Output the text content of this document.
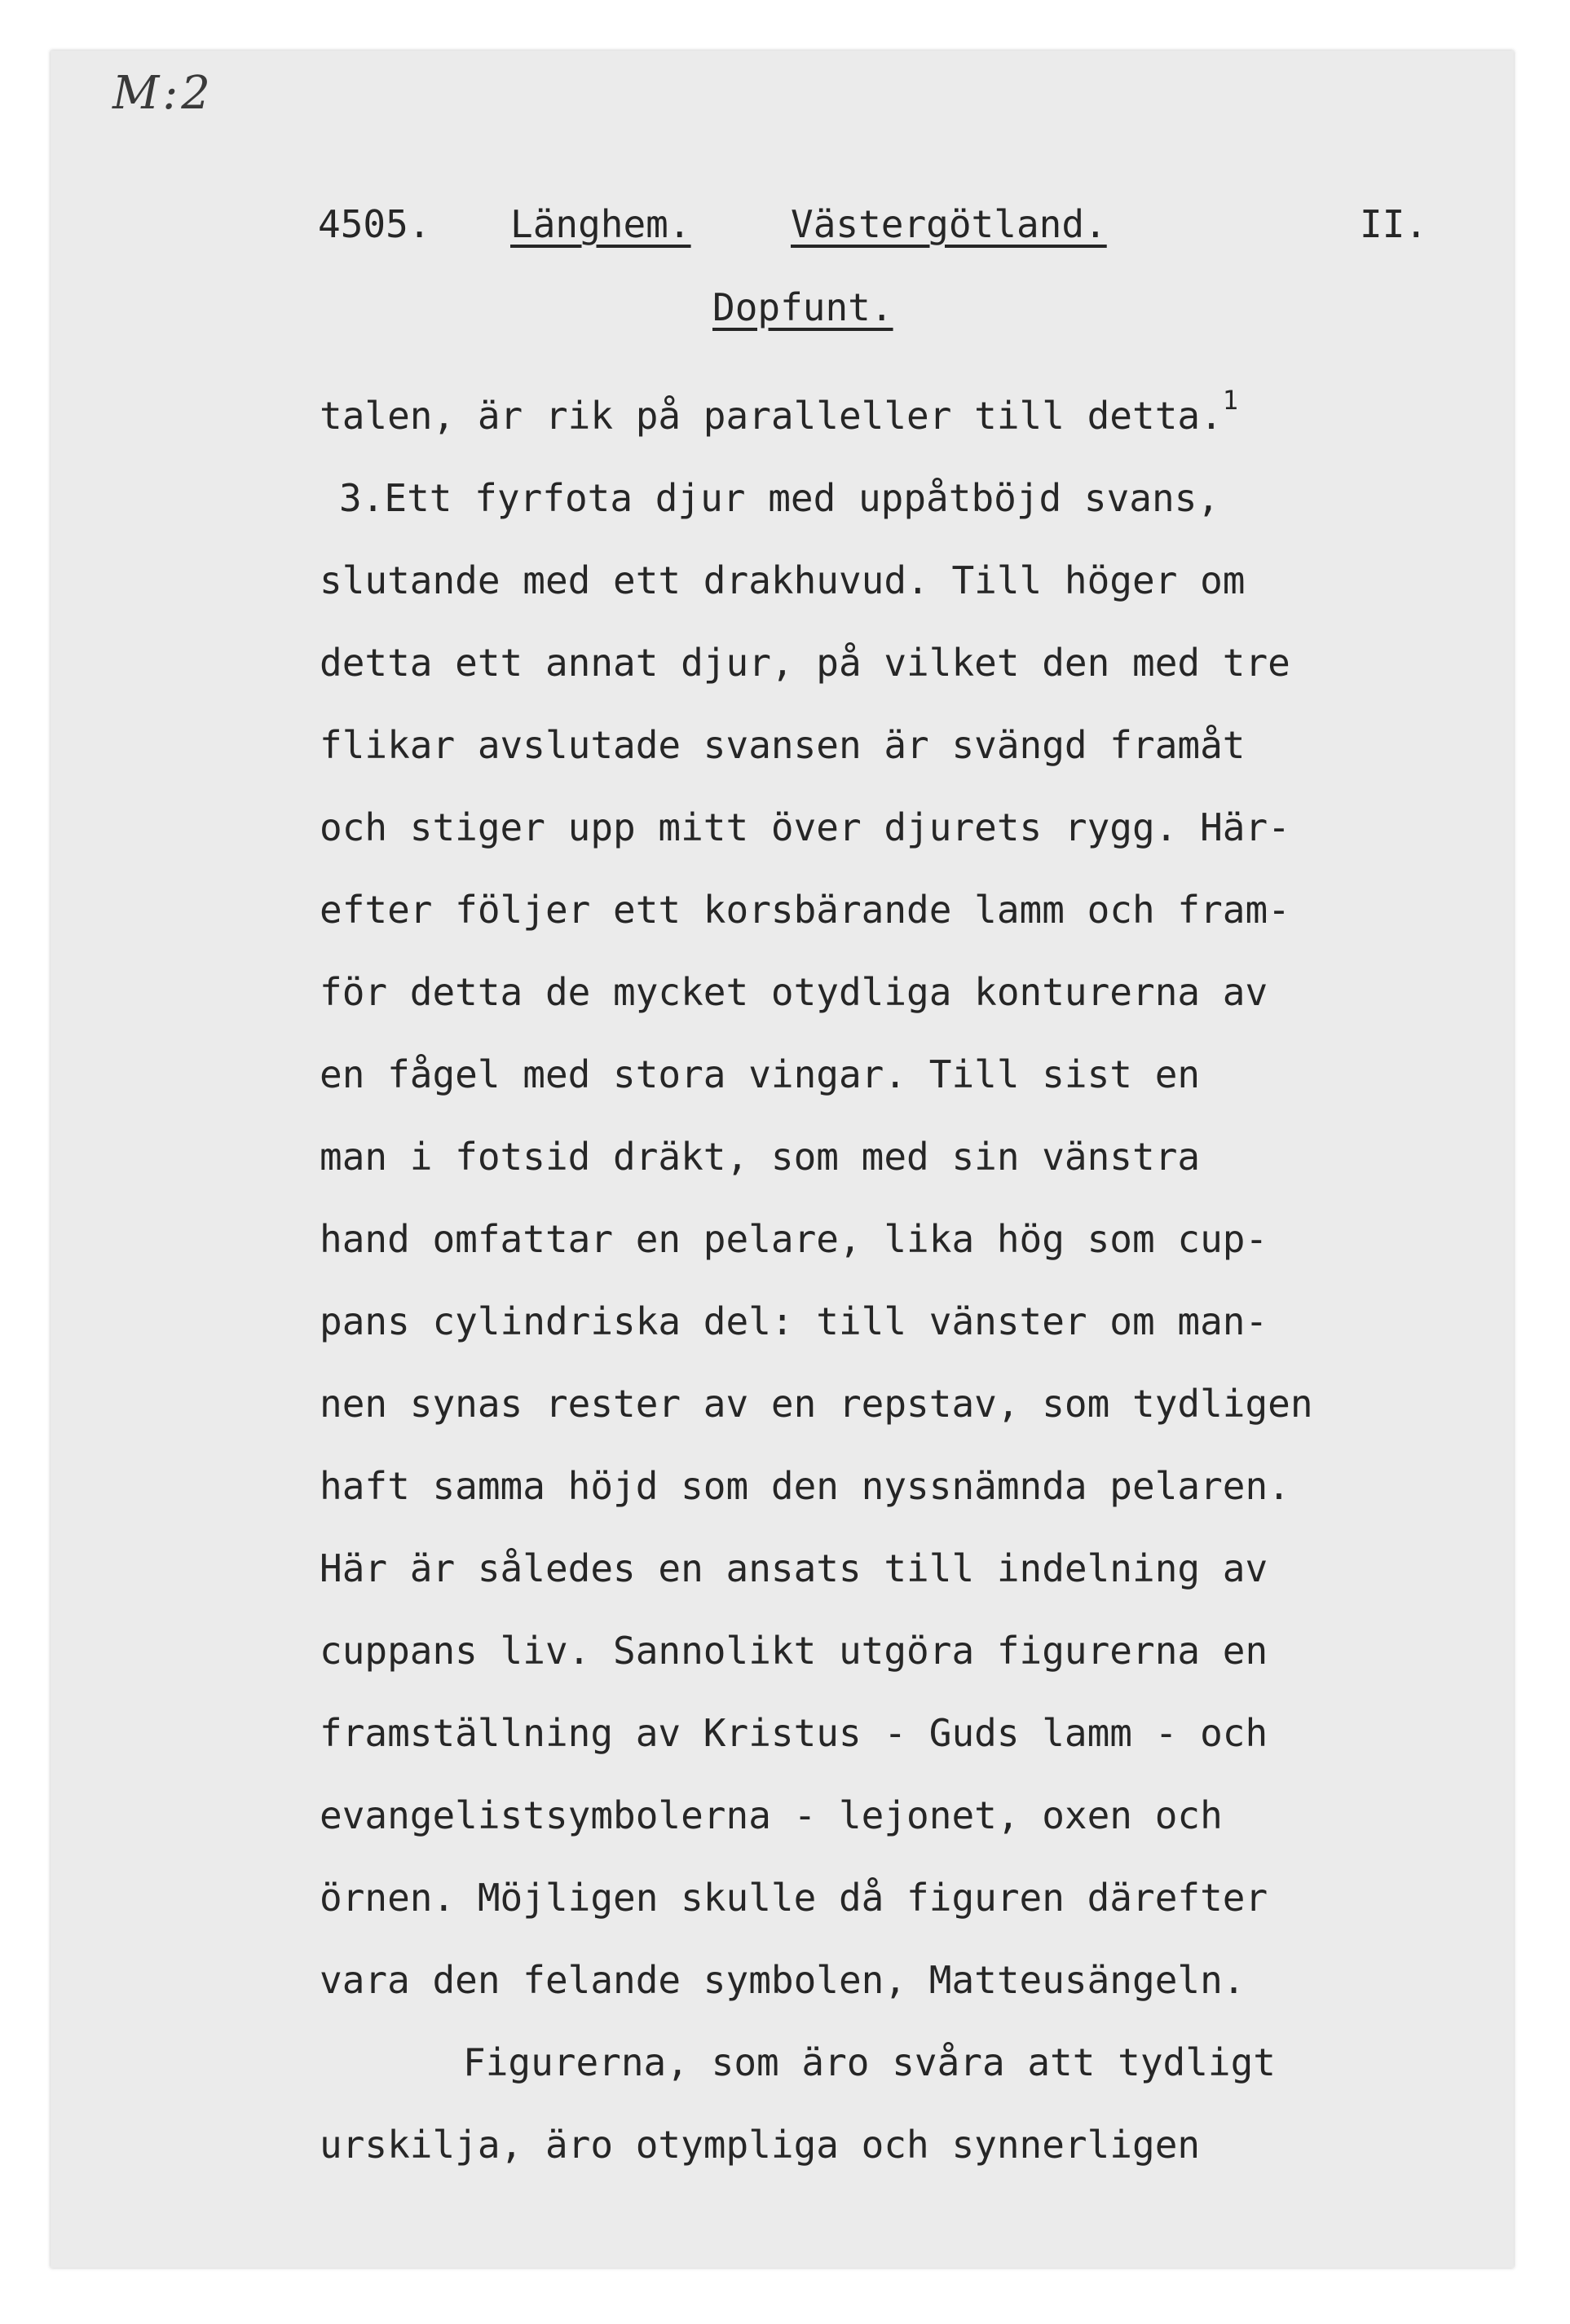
M:2
4505. Länghem.	Västergötland.	II.
Dopfunt.
talen, är rik på paralleller till detta.$^1$
3.Ett fyrfota djur med uppåtböjd svans,
slutande med ett drakhuvud. Till höger om
detta ett annat djur, på vilket den med tre
flikar avslutade svansen är svängd framåt
och stiger upp mitt över djurets rygg. Här-
efter följer ett korsbärande lamm och fram-
för detta de mycket otydliga konturerna av
en fågel med stora vingar. Till sist en
man i fotsid dräkt, som med sin vänstra
hand omfattar en pelare, lika hög som cup-
pans cylindriska del: till vänster om man-
nen synas rester av en repstav, som tydligen
haft samma höjd som den nyssnämnda pelaren.
Här är således en ansats till indelning av
cuppans liv. Sannolikt utgöra figurerna en
framställning av Kristus - Guds lamm - och
evangelistsymbolerna - lejonet, oxen och
örnen. Möjligen skulle då figuren därefter
vara den felande symbolen, Matteusängeln.
Figurerna, som äro svåra att tydligt
urskilja, äro otympliga och synnerligen
